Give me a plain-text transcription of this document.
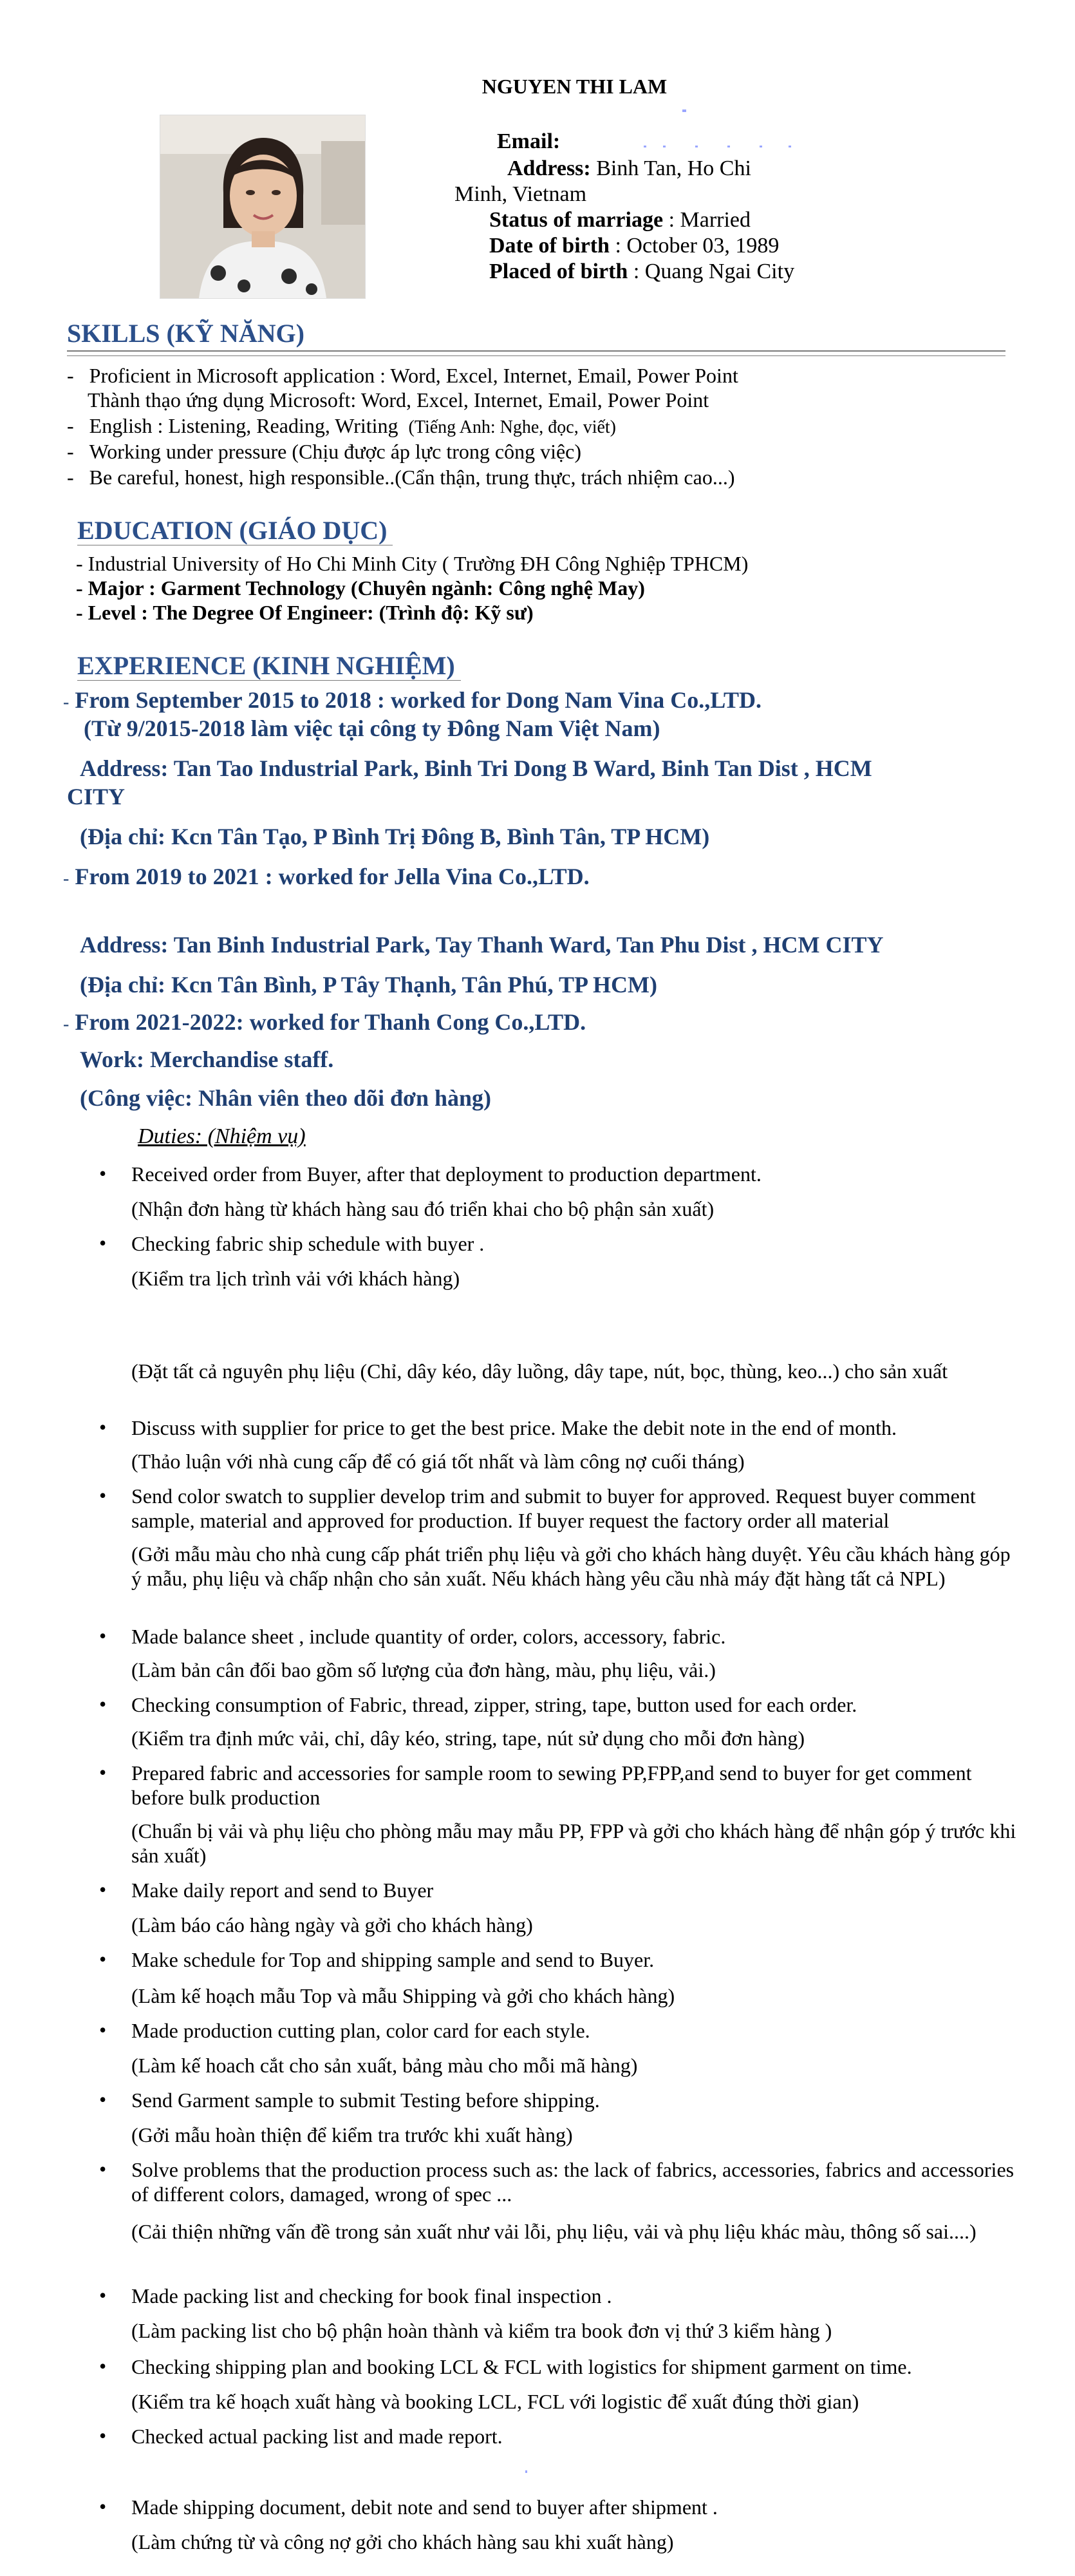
NGUYEN THI LAM
Email:
Address: Binh Tan, Ho Chi
Minh, Vietnam
Status of marriage : Married
Date of birth : October 03, 1989
Placed of birth : Quang Ngai City
SKILLS (KỸ NĂNG)
-   Proficient in Microsoft application : Word, Excel, Internet, Email, Power Point
Thành thạo ứng dụng Microsoft: Word, Excel, Internet, Email, Power Point
-   English : Listening, Reading, Writing (Tiếng Anh: Nghe, đọc, viết)
-   Working under pressure (Chịu được áp lực trong công việc)
-   Be careful, honest, high responsible..(Cẩn thận, trung thực, trách nhiệm cao...)
EDUCATION (GIÁO DỤC)
- Industrial University of Ho Chi Minh City ( Trường ĐH Công Nghiệp TPHCM)
- Major : Garment Technology (Chuyên ngành: Công nghệ May)
- Level : The Degree Of Engineer: (Trình độ: Kỹ sư)
EXPERIENCE (KINH NGHIỆM)
- From September 2015 to 2018 : worked for Dong Nam Vina Co.,LTD.
(Từ 9/2015-2018 làm việc tại công ty Đông Nam Việt Nam)
Address: Tan Tao Industrial Park, Binh Tri Dong B Ward, Binh Tan Dist , HCM
CITY
(Địa chỉ: Kcn Tân Tạo, P Bình Trị Đông B, Bình Tân, TP HCM)
- From 2019 to 2021 : worked for Jella Vina Co.,LTD.
Address: Tan Binh Industrial Park, Tay Thanh Ward, Tan Phu Dist , HCM CITY
(Địa chỉ: Kcn Tân Bình, P Tây Thạnh, Tân Phú, TP HCM)
- From 2021-2022: worked for Thanh Cong Co.,LTD.
Work: Merchandise staff.
(Công việc: Nhân viên theo dõi đơn hàng)
Duties: (Nhiệm vụ)
• Received order from Buyer, after that deployment to production department.
(Nhận đơn hàng từ khách hàng sau đó triển khai cho bộ phận sản xuất)
• Checking fabric ship schedule with buyer .
(Kiểm tra lịch trình vải với khách hàng)
(Đặt tất cả nguyên phụ liệu (Chỉ, dây kéo, dây luồng, dây tape, nút, bọc, thùng, keo...) cho sản xuất
• Discuss with supplier for price to get the best price. Make the debit note in the end of month.
(Thảo luận với nhà cung cấp để có giá tốt nhất và làm công nợ cuối tháng)
• Send color swatch to supplier develop trim and submit to buyer for approved. Request buyer comment sample, material and approved for production. If buyer request the factory order all material
(Gởi mẫu màu cho nhà cung cấp phát triển phụ liệu và gởi cho khách hàng duyệt. Yêu cầu khách hàng góp ý mẫu, phụ liệu và chấp nhận cho sản xuất. Nếu khách hàng yêu cầu nhà máy đặt hàng tất cả NPL)
• Made balance sheet , include quantity of order, colors, accessory, fabric.
(Làm bản cân đối bao gồm số lượng của đơn hàng, màu, phụ liệu, vải.)
• Checking consumption of Fabric, thread, zipper, string, tape, button used for each order.
(Kiểm tra định mức vải, chỉ, dây kéo, string, tape, nút sử dụng cho mỗi đơn hàng)
• Prepared fabric and accessories for sample room to sewing PP,FPP,and send to buyer for get comment before bulk production
(Chuẩn bị vải và phụ liệu cho phòng mẫu may mẫu PP, FPP và gởi cho khách hàng để nhận góp ý trước khi sản xuất)
• Make daily report and send to Buyer
(Làm báo cáo hàng ngày và gởi cho khách hàng)
• Make schedule for Top and shipping sample and send to Buyer.
(Làm kế hoạch mẫu Top và mẫu Shipping và gởi cho khách hàng)
• Made production cutting plan, color card for each style.
(Làm kế hoach cắt cho sản xuất, bảng màu cho mỗi mã hàng)
• Send Garment sample to submit Testing before shipping.
(Gởi mẫu hoàn thiện để kiểm tra trước khi xuất hàng)
• Solve problems that the production process such as: the lack of fabrics, accessories, fabrics and accessories of different colors, damaged, wrong of spec ...
(Cải thiện những vấn đề trong sản xuất như vải lỗi, phụ liệu, vải và phụ liệu khác màu, thông số sai....)
• Made packing list and checking for book final inspection .
(Làm packing list cho bộ phận hoàn thành và kiểm tra book đơn vị thứ 3 kiểm hàng )
• Checking shipping plan and booking LCL & FCL with logistics for shipment garment on time.
(Kiểm tra kế hoạch xuất hàng và booking LCL, FCL với logistic để xuất đúng thời gian)
• Checked actual packing list and made report.
• Made shipping document, debit note and send to buyer after shipment .
(Làm chứng từ và công nợ gởi cho khách hàng sau khi xuất hàng)
